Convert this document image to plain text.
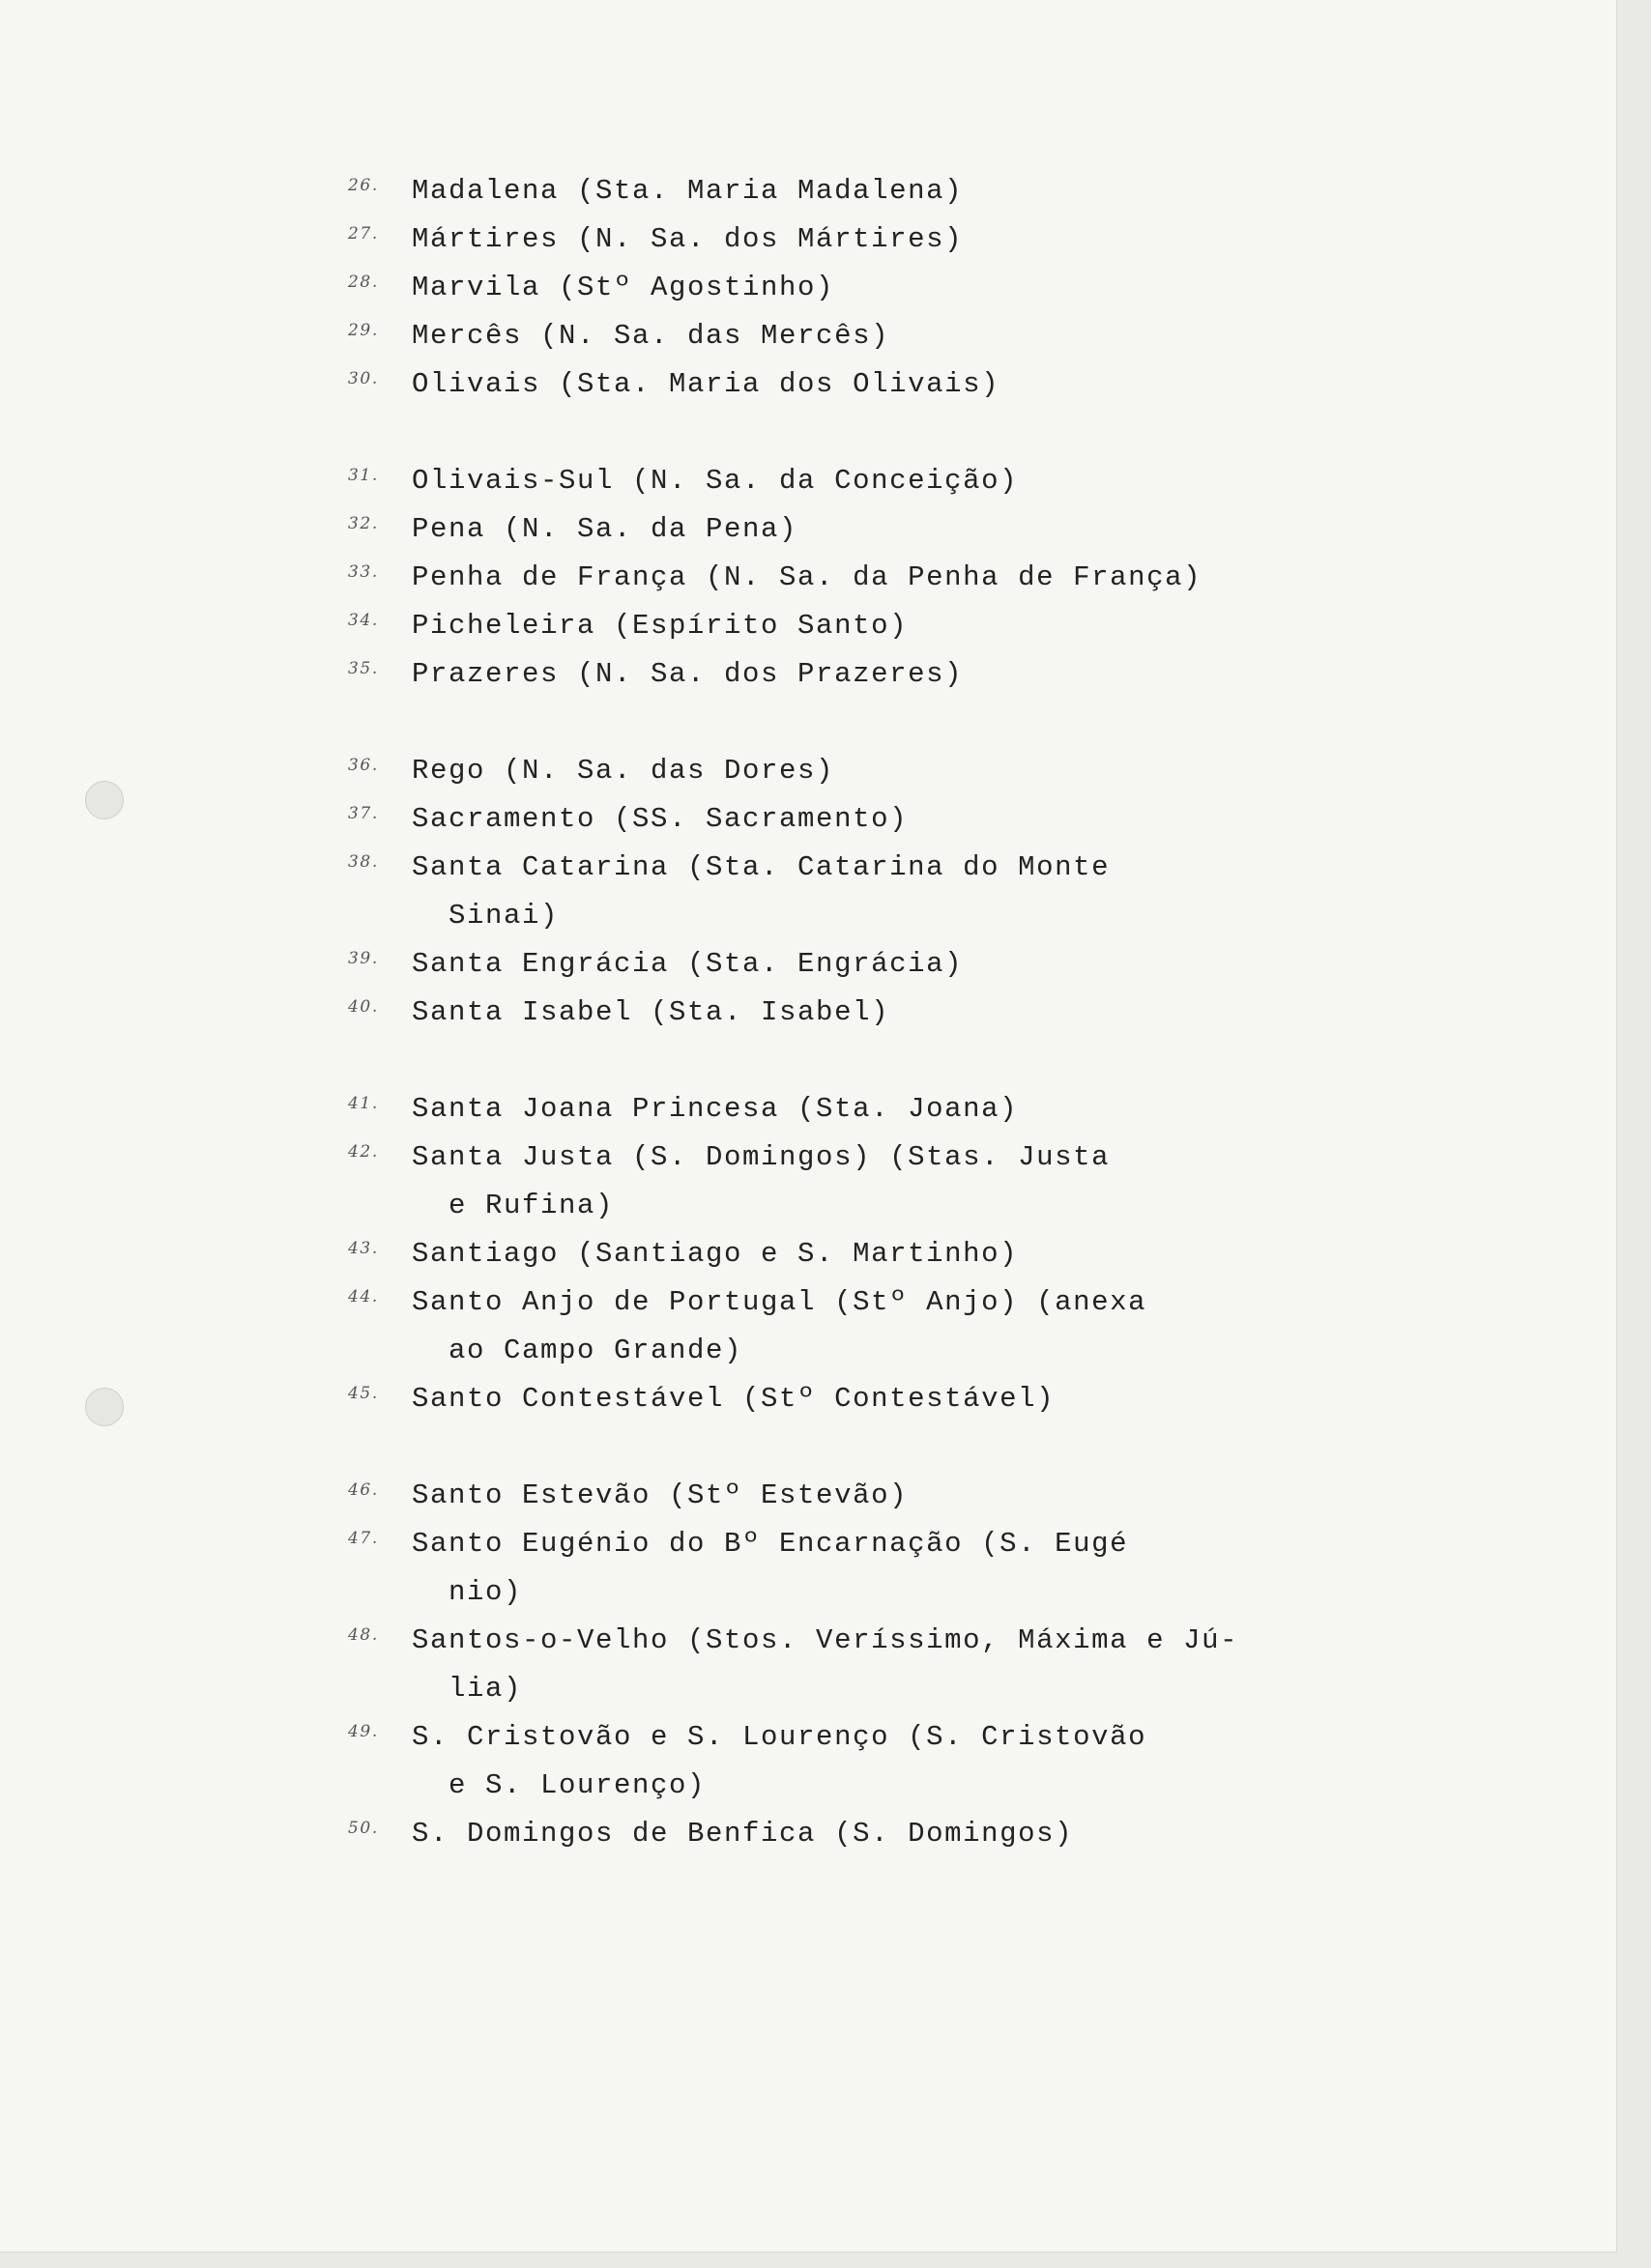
26.	Madalena (Sta. Maria Madalena)
27.	Mártires (N. Sa. dos Mártires)
28.	Marvila (Stº Agostinho)
29.	Mercês (N. Sa. das Mercês)
30.	Olivais (Sta. Maria dos Olivais)
31.	Olivais-Sul (N. Sa. da Conceição)
32.	Pena (N. Sa. da Pena)
33.	Penha de França (N. Sa. da Penha de França)
34.	Picheleira (Espírito Santo)
35.	Prazeres (N. Sa. dos Prazeres)
36.	Rego (N. Sa. das Dores)
37.	Sacramento (SS. Sacramento)
38.	Santa Catarina (Sta. Catarina do Monte
Sinai)
39.	Santa Engrácia (Sta. Engrácia)
40.	Santa Isabel (Sta. Isabel)
41.	Santa Joana Princesa (Sta. Joana)
42.	Santa Justa (S. Domingos) (Stas. Justa
e Rufina)
43.	Santiago (Santiago e S. Martinho)
44.	Santo Anjo de Portugal (Stº Anjo) (anexa
ao Campo Grande)
45.	Santo Contestável (Stº Contestável)
46.	Santo Estevão (Stº Estevão)
47.	Santo Eugénio do Bº Encarnação (S. Eugé
nio)
48.	Santos-o-Velho (Stos. Veríssimo, Máxima e Jú-
lia)
49.	S. Cristovão e S. Lourenço (S. Cristovão
e S. Lourenço)
50.	S. Domingos de Benfica (S. Domingos)
